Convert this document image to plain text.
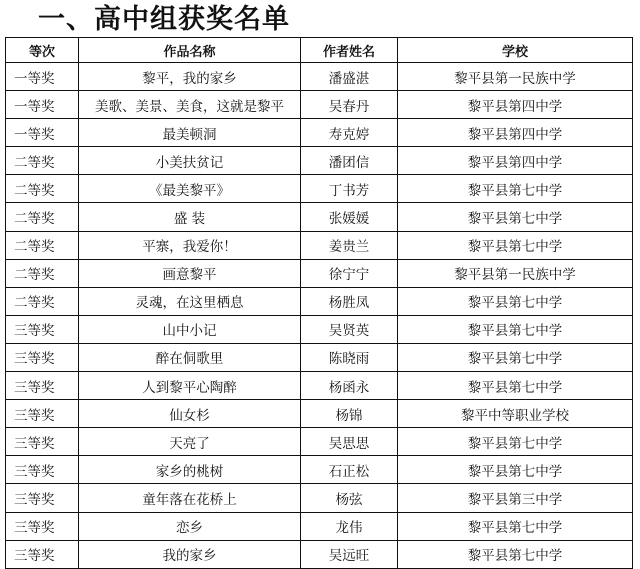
一、高中组获奖名单
等次	作品名称	作者姓名	学校
一等奖	黎平，我的家乡	潘盛湛	黎平县第一民族中学
一等奖	美歌、美景、美食，这就是黎平	吴春丹	黎平县第四中学
一等奖	最美顿洞	寿克婷	黎平县第四中学
二等奖	小美扶贫记	潘团信	黎平县第四中学
二等奖	《最美黎平》	丁书芳	黎平县第七中学
二等奖	盛 装	张媛媛	黎平县第七中学
二等奖	平寨，我爱你！	姜贵兰	黎平县第七中学
二等奖	画意黎平	徐宁宁	黎平县第一民族中学
二等奖	灵魂，在这里栖息	杨胜凤	黎平县第七中学
三等奖	山中小记	吴贤英	黎平县第七中学
三等奖	醉在侗歌里	陈晓雨	黎平县第七中学
三等奖	人到黎平心陶醉	杨函永	黎平县第七中学
三等奖	仙女杉	杨锦	黎平中等职业学校
三等奖	天亮了	吴思思	黎平县第七中学
三等奖	家乡的桃树	石正松	黎平县第七中学
三等奖	童年落在花桥上	杨弦	黎平县第三中学
三等奖	恋乡	龙伟	黎平县第七中学
三等奖	我的家乡	吴远旺	黎平县第七中学
